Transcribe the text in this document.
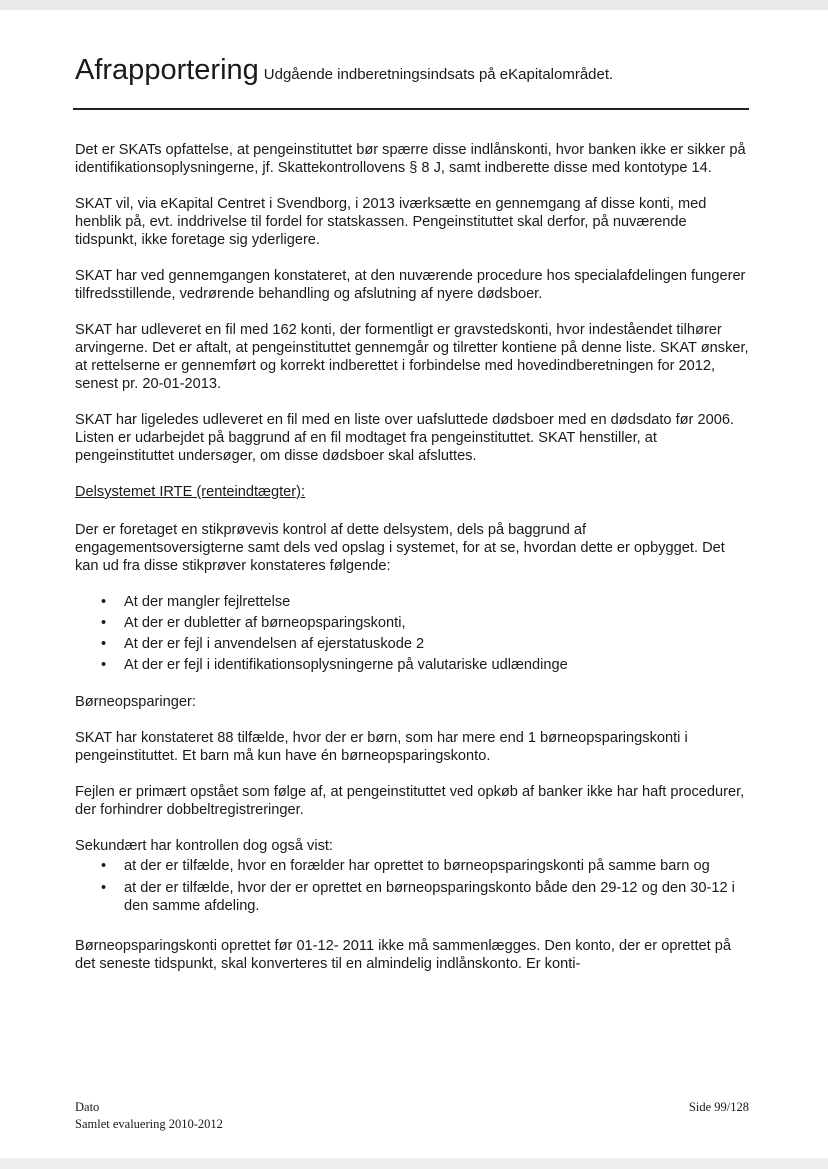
Afrapportering Udgående indberetningsindsats på eKapitalområdet.

Det er SKATs opfattelse, at pengeinstituttet bør spærre disse indlånskonti, hvor banken ikke er sikker på identifikationsoplysningerne, jf. Skattekontrollovens § 8 J, samt indberette disse med kontotype 14.

SKAT vil, via eKapital Centret i Svendborg, i 2013 iværksætte en gennemgang af disse konti, med henblik på, evt. inddrivelse til fordel for statskassen. Pengeinstituttet skal derfor, på nuværende tidspunkt, ikke foretage sig yderligere.

SKAT har ved gennemgangen konstateret, at den nuværende procedure hos specialafdelingen fungerer tilfredsstillende, vedrørende behandling og afslutning af nyere dødsboer.

SKAT har udleveret en fil med 162 konti, der formentligt er gravstedskonti, hvor indeståendet tilhører arvingerne. Det er aftalt, at pengeinstituttet gennemgår og tilretter kontiene på denne liste. SKAT ønsker, at rettelserne er gennemført og korrekt indberettet i forbindelse med hovedindberetningen for 2012, senest pr. 20-01-2013.

SKAT har ligeledes udleveret en fil med en liste over uafsluttede dødsboer med en dødsdato før 2006. Listen er udarbejdet på baggrund af en fil modtaget fra pengeinstituttet. SKAT henstiller, at pengeinstituttet undersøger, om disse dødsboer skal afsluttes.

Delsystemet IRTE (renteindtægter):

Der er foretaget en stikprøvevis kontrol af dette delsystem, dels på baggrund af engagementsoversigterne samt dels ved opslag i systemet, for at se, hvordan dette er opbygget. Det kan ud fra disse stikprøver konstateres følgende:

• At der mangler fejlrettelse
• At der er dubletter af børneopsparingskonti,
• At der er fejl i anvendelsen af ejerstatuskode 2
• At der er fejl i identifikationsoplysningerne på valutariske udlændinge

Børneopsparinger:

SKAT har konstateret 88 tilfælde, hvor der er børn, som har mere end 1 børneopsparingskonti i pengeinstituttet. Et barn må kun have én børneopsparingskonto.

Fejlen er primært opstået som følge af, at pengeinstituttet ved opkøb af banker ikke har haft procedurer, der forhindrer dobbeltregistreringer.

Sekundært har kontrollen dog også vist:

• at der er tilfælde, hvor en forælder har oprettet to børneopsparingskonti på samme barn og
• at der er tilfælde, hvor der er oprettet en børneopsparingskonto både den 29-12 og den 30-12 i den samme afdeling.

Børneopsparingskonti oprettet før 01-12- 2011 ikke må sammenlægges. Den konto, der er oprettet på det seneste tidspunkt, skal konverteres til en almindelig indlånskonto. Er konti-

Dato
Samlet evaluering 2010-2012
Side 99/128
